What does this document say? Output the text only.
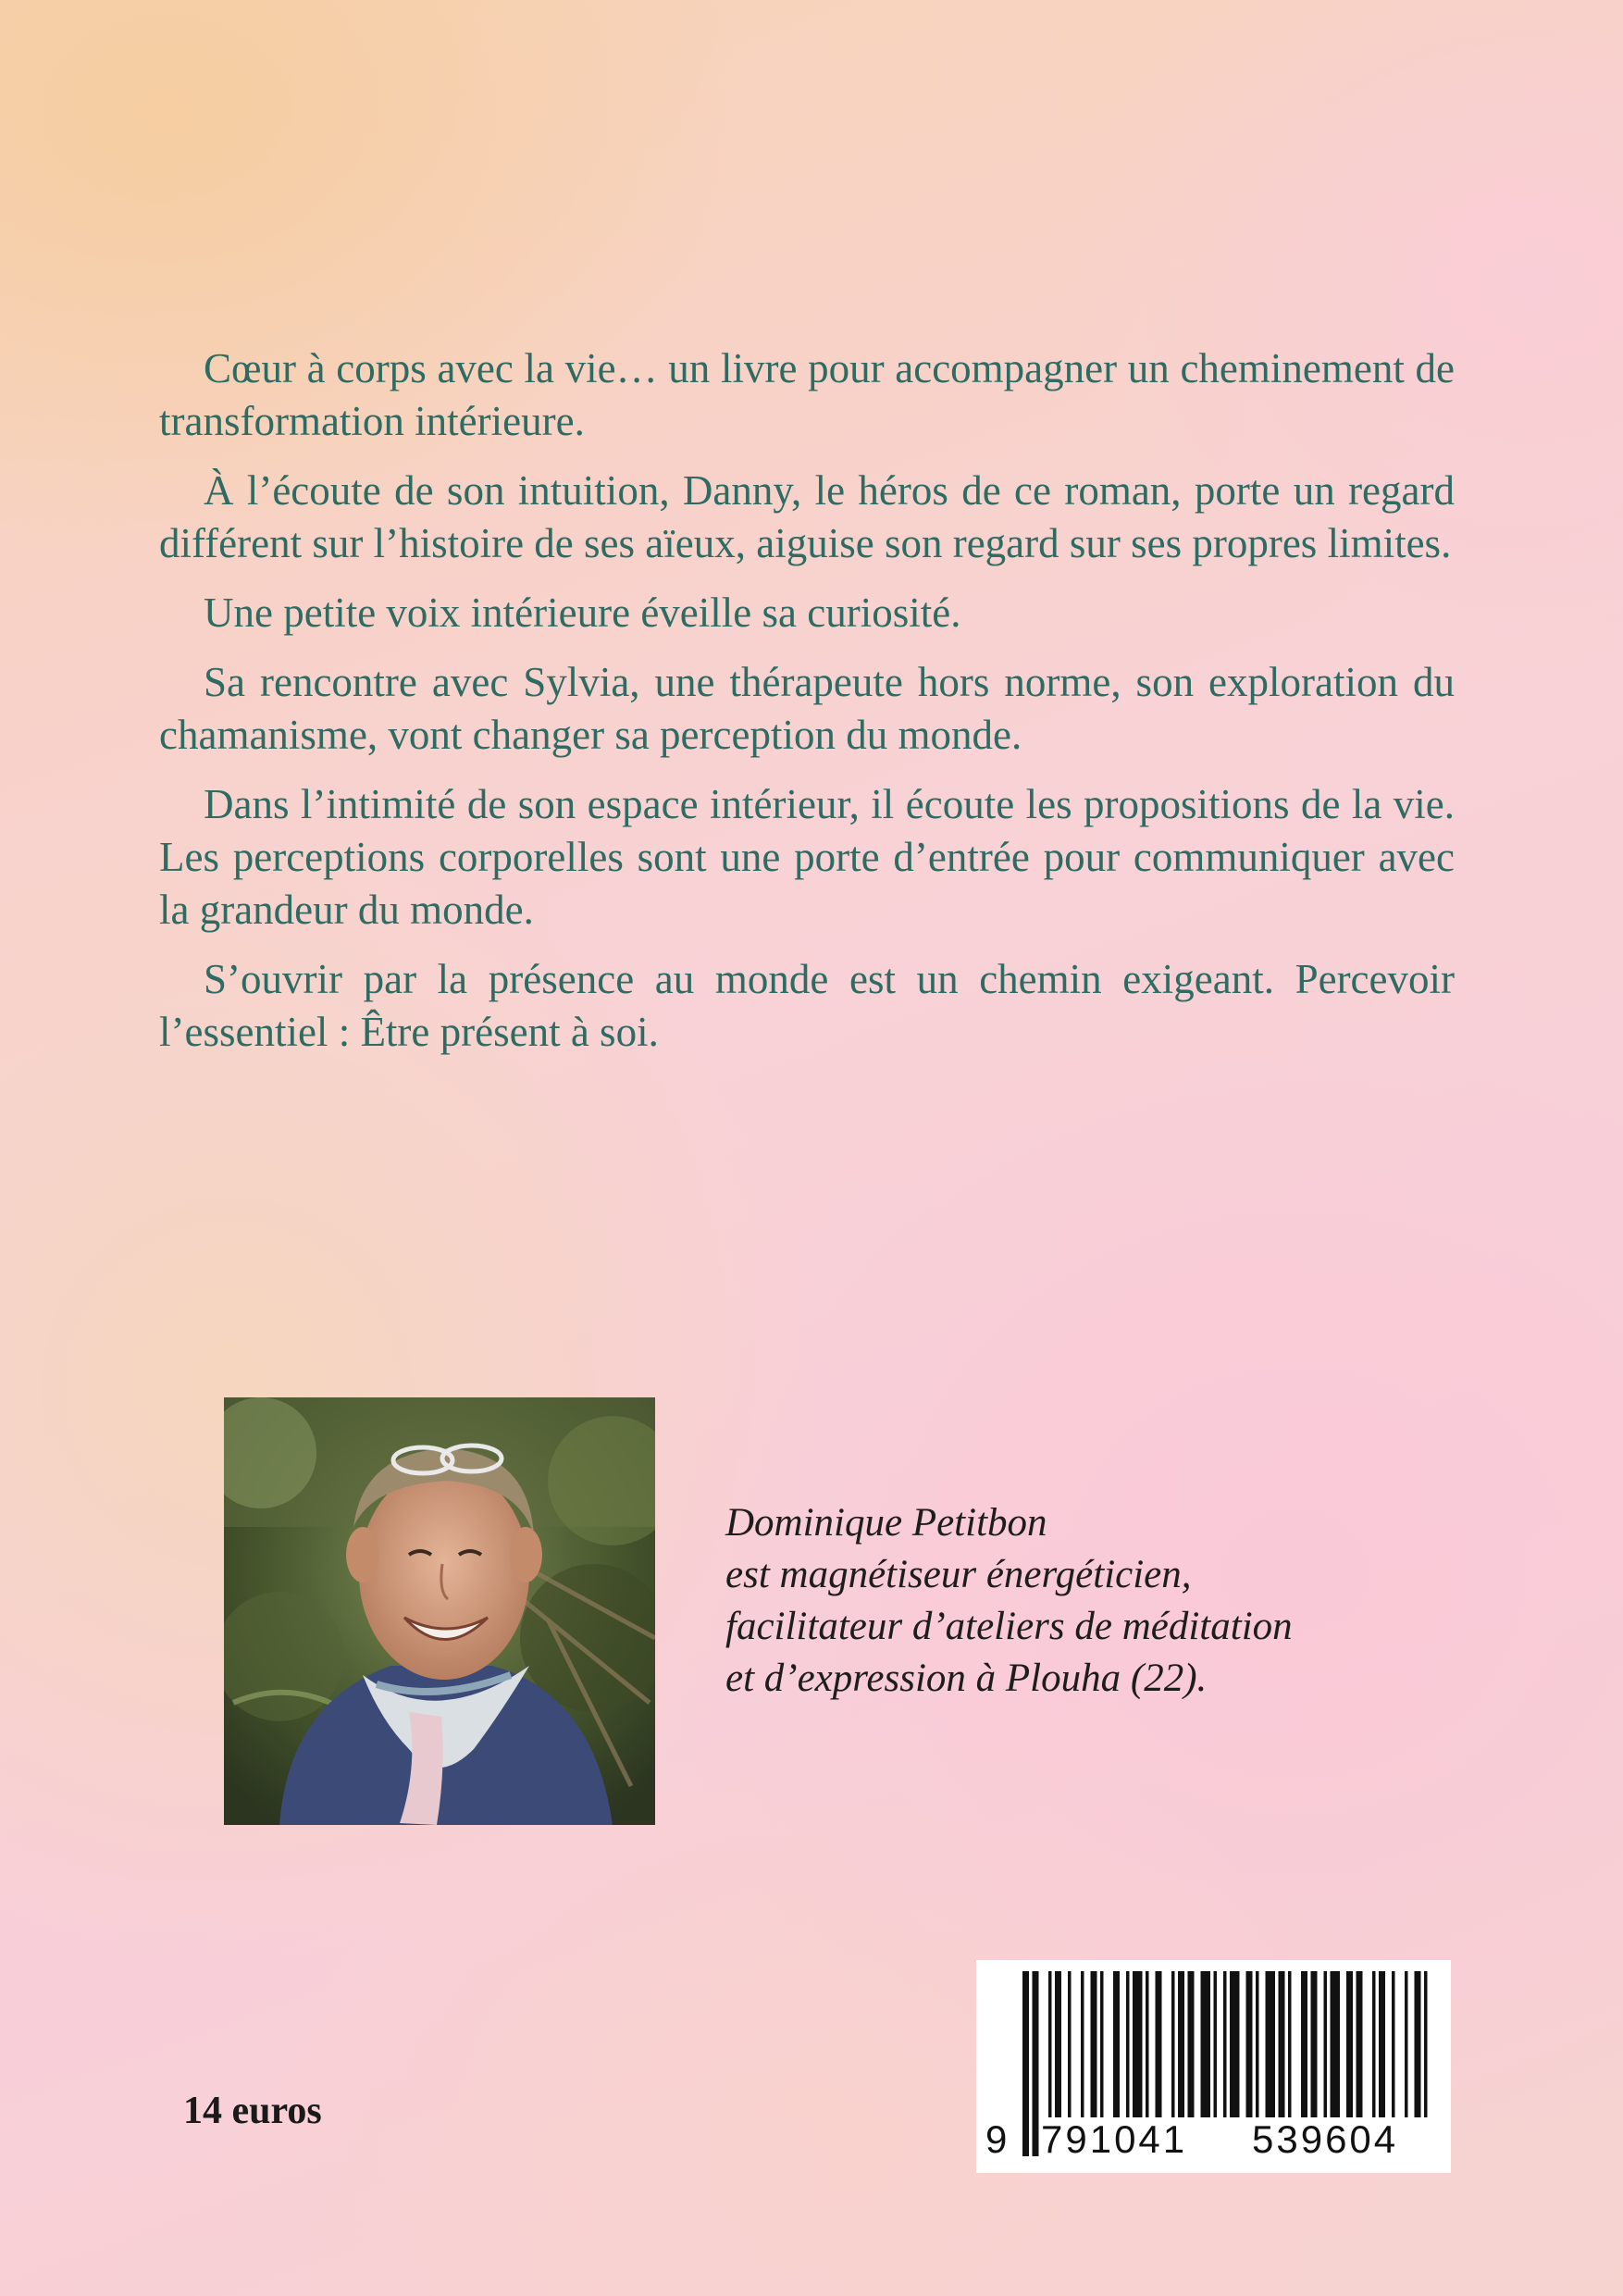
Cœur à corps avec la vie… un livre pour accompagner un cheminement de transformation intérieure.

À l’écoute de son intuition, Danny, le héros de ce roman, porte un regard différent sur l’histoire de ses aïeux, aiguise son regard sur ses propres limites.

Une petite voix intérieure éveille sa curiosité.

Sa rencontre avec Sylvia, une thérapeute hors norme, son exploration du chamanisme, vont changer sa perception du monde.

Dans l’intimité de son espace intérieur, il écoute les propositions de la vie. Les perceptions corporelles sont une porte d’entrée pour communiquer avec la grandeur du monde.

S’ouvrir par la présence au monde est un chemin exigeant. Percevoir l’essentiel : Être présent à soi.

Dominique Petitbon
est magnétiseur énergéticien,
facilitateur d’ateliers de méditation
et d’expression à Plouha (22).
14 euros
9 791041	539604
